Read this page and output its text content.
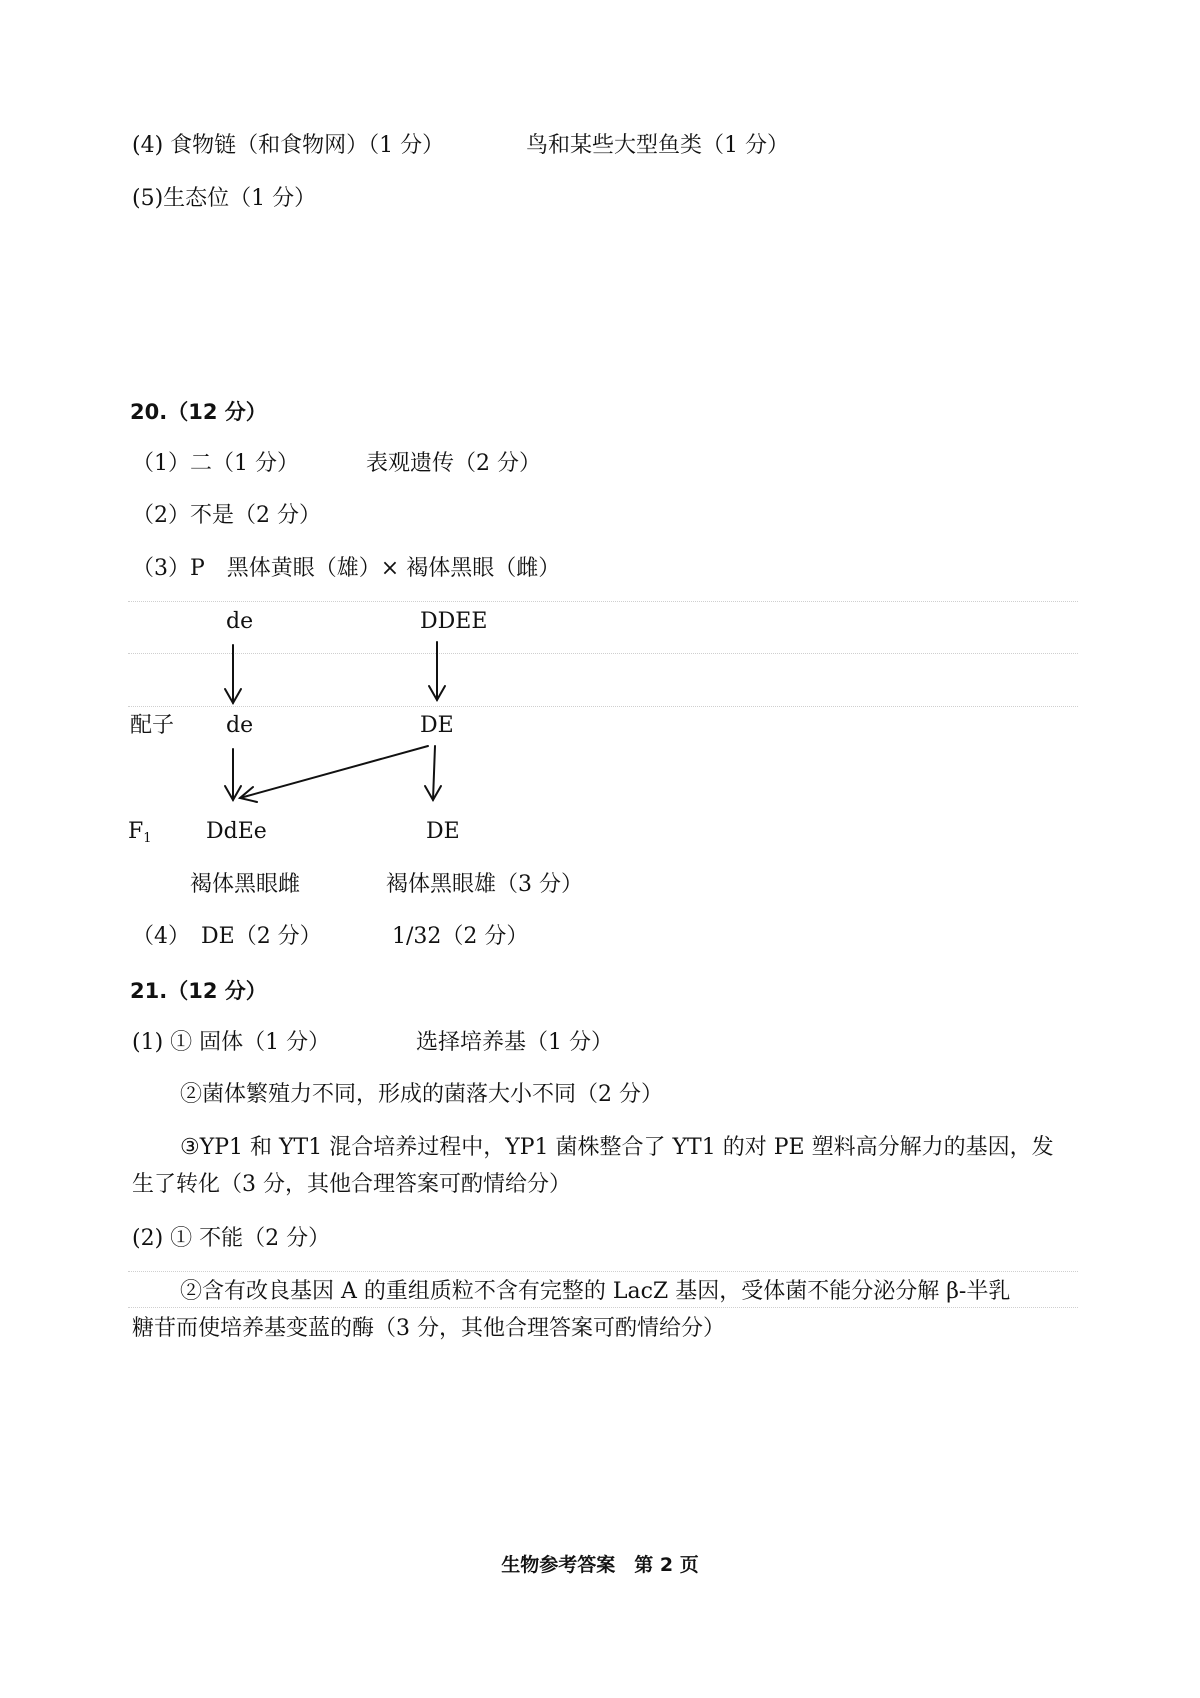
(4) 食物链（和食物网）（1 分）	鸟和某些大型鱼类（1 分）
(5)生态位（1 分）
20.（12 分）
（1）二（1 分）	表观遗传（2 分）
（2）不是（2 分）
（3）P　黑体黄眼（雄）× 褐体黑眼（雌）
de	DDEE
配子 de	DE
F1 DdEe	DE
褐体黑眼雌	褐体黑眼雄（3 分）
（4）　DE（2 分）	1/32（2 分）
21.（12 分）
(1) ① 固体（1 分）	选择培养基（1 分）
②菌体繁殖力不同，形成的菌落大小不同（2 分）
③YP1 和 YT1 混合培养过程中，YP1 菌株整合了 YT1 的对 PE 塑料高分解力的基因，发
生了转化（3 分，其他合理答案可酌情给分）
(2) ① 不能（2 分）
②含有改良基因 A 的重组质粒不含有完整的 LacZ 基因，受体菌不能分泌分解 β-半乳
糖苷而使培养基变蓝的酶（3 分，其他合理答案可酌情给分）
生物参考答案　第 2 页
